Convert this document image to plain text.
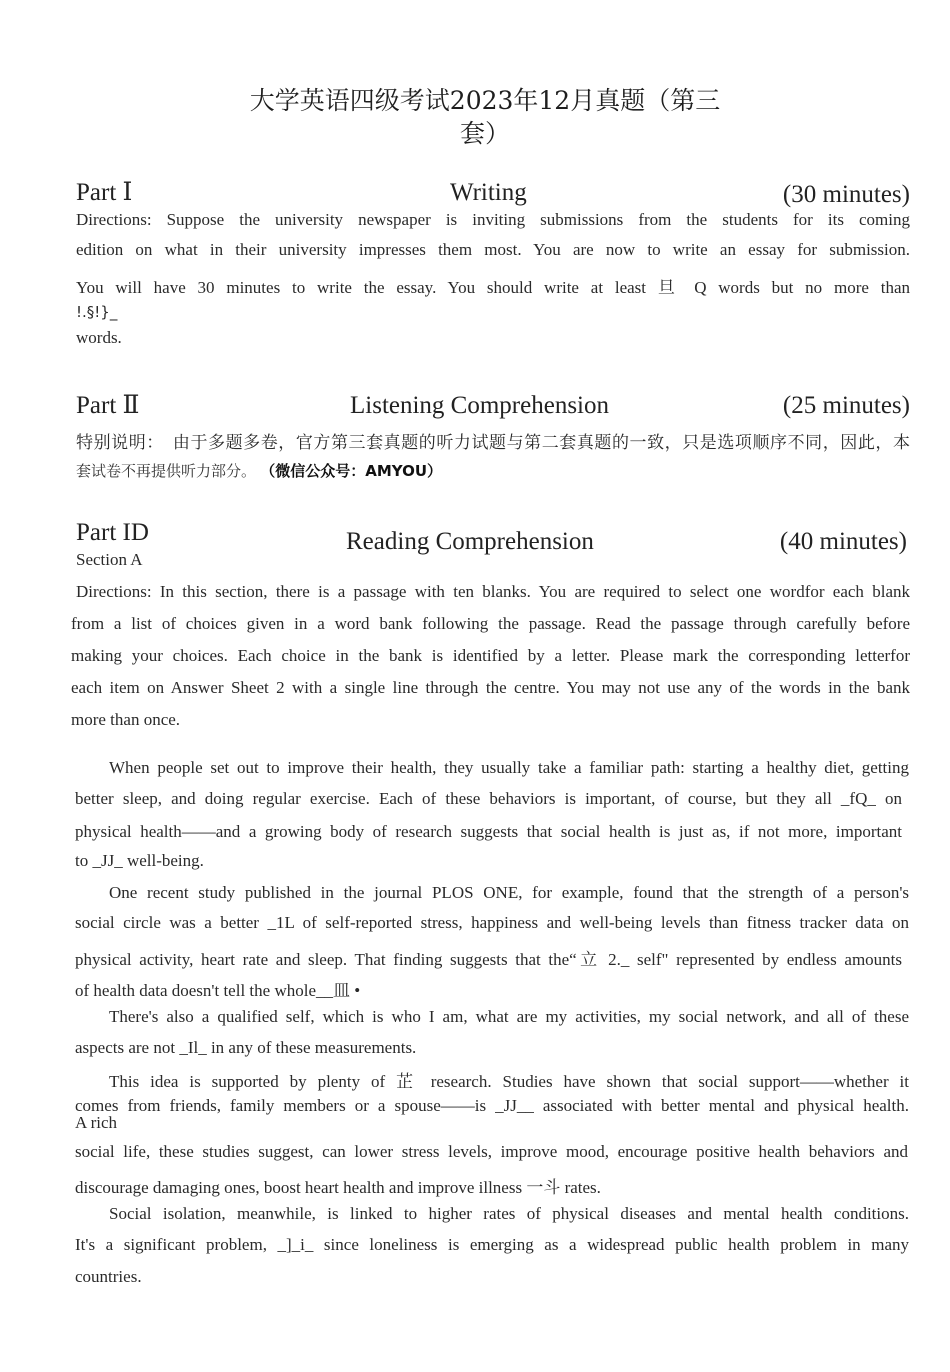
大学英语四级考试2023年12月真题（第三
套）
Part Ⅰ	Writing	(30 minutes)
Directions: Suppose the university newspaper is inviting submissions from the students for its coming
edition on what in their university impresses them most. You are now to write an essay for submission.
You will have 30 minutes to write the essay. You should write at least 旦 Q words but no more than
!.§!}_
words.
Part Ⅱ	Listening Comprehension	(25 minutes)
特别说明：　由于多题多卷，官方第三套真题的听力试题与第二套真题的一致，只是选项顺序不同，因此，本
套试卷不再提供听力部分。 （微信公众号：AMYOU）
Part ID
Section A
Reading Comprehension	(40 minutes)
Directions: In this section, there is a passage with ten blanks. You are required to select one wordfor each blank
from a list of choices given in a word bank following the passage. Read the passage through carefully before
making your choices. Each choice in the bank is identified by a letter. Please mark the corresponding letterfor
each item on Answer Sheet 2 with a single line through the centre. You may not use any of the words in the bank
more than once.
When people set out to improve their health, they usually take a familiar path: starting a healthy diet, getting
better sleep, and doing regular exercise. Each of these behaviors is important, of course, but they all _fQ_ on
physical health——and a growing body of research suggests that social health is just as, if not more, important
to _JJ_ well-being.
One recent study published in the journal PLOS ONE, for example, found that the strength of a person's
social circle was a better _1L of self-reported stress, happiness and well-being levels than fitness tracker data on
physical activity, heart rate and sleep. That finding suggests that the“立 2._ self" represented by endless amounts
of health data doesn't tell the whole__皿 •
There's also a qualified self, which is who I am, what are my activities, my social network, and all of these
aspects are not _Il_ in any of these measurements.
This idea is supported by plenty of 芷 research. Studies have shown that social support——whether it
comes from friends, family members or a spouse——is _JJ__ associated with better mental and physical health.
A rich
social life, these studies suggest, can lower stress levels, improve mood, encourage positive health behaviors and
discourage damaging ones, boost heart health and improve illness 一斗 rates.
Social isolation, meanwhile, is linked to higher rates of physical diseases and mental health conditions.
It's a significant problem, _]_i_ since loneliness is emerging as a widespread public health problem in many
countries.
